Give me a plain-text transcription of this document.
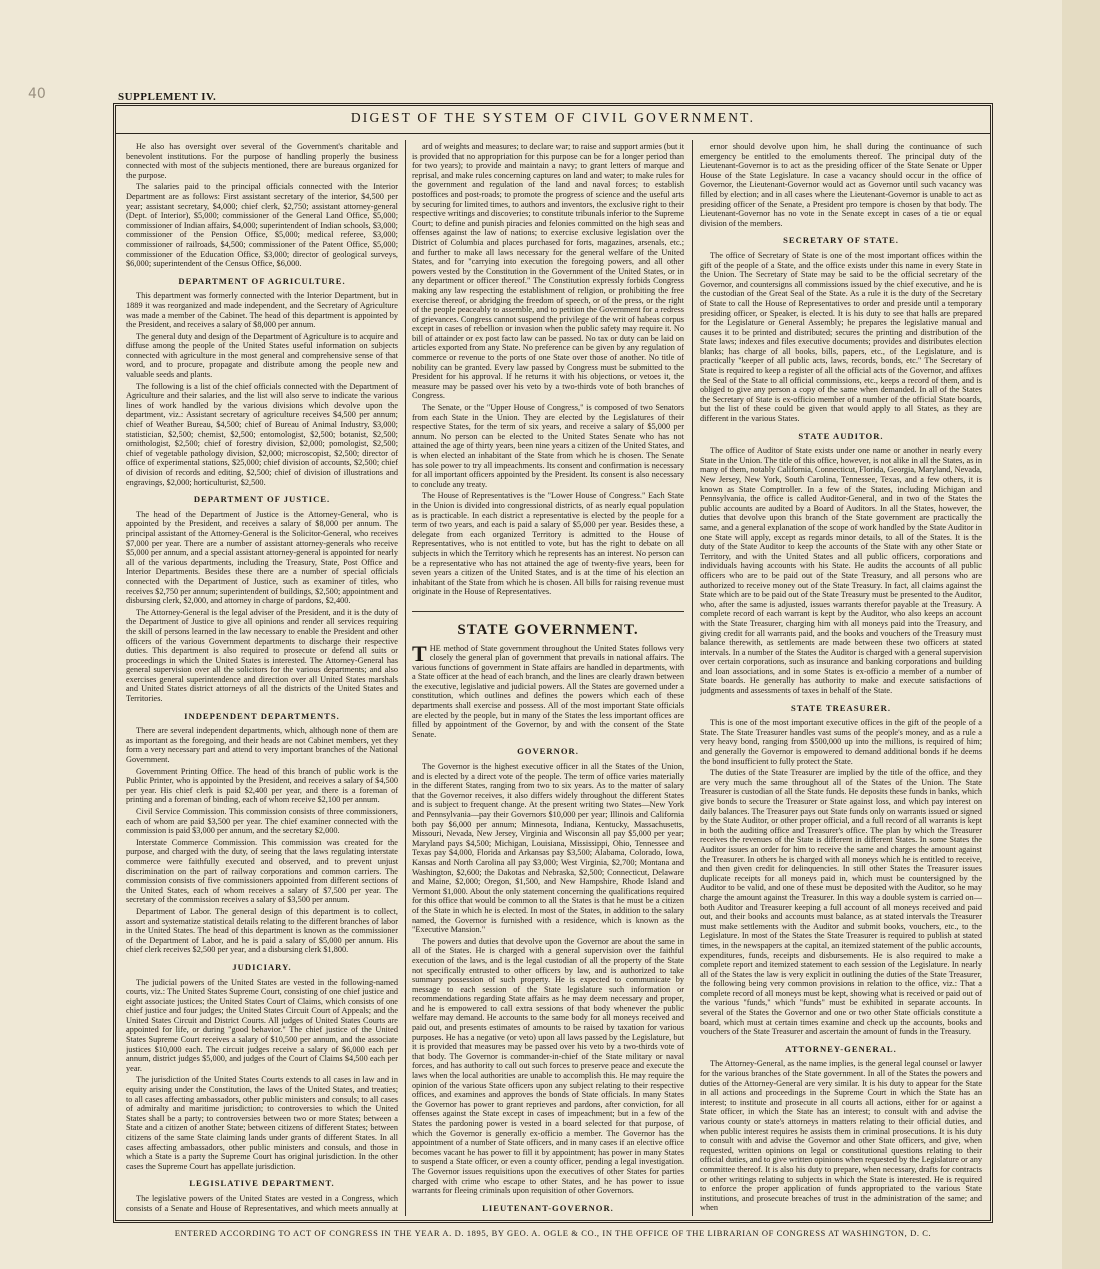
40	SUPPLEMENT IV.
DIGEST OF THE SYSTEM OF CIVIL GOVERNMENT.

He also has oversight over several of the Government's charitable and benevolent institutions. For the purpose of handling properly the business connected with most of the subjects mentioned, there are bureaus organized for the purpose.

The salaries paid to the principal officials connected with the Interior Department are as follows: First assistant secretary of the interior, $4,500 per year; assistant secretary, $4,000; chief clerk, $2,750; assistant attorney-general (Dept. of Interior), $5,000; commissioner of the General Land Office, $5,000; commissioner of Indian affairs, $4,000; superintendent of Indian schools, $3,000; commissioner of the Pension Office, $5,000; medical referee, $3,000; commissioner of railroads, $4,500; commissioner of the Patent Office, $5,000; commissioner of the Education Office, $3,000; director of geological surveys, $6,000; superintendent of the Census Office, $6,000.

DEPARTMENT OF AGRICULTURE.

This department was formerly connected with the Interior Department, but in 1889 it was reorganized and made independent, and the Secretary of Agriculture was made a member of the Cabinet. The head of this department is appointed by the President, and receives a salary of $8,000 per annum.

The general duty and design of the Department of Agriculture is to acquire and diffuse among the people of the United States useful information on subjects connected with agriculture in the most general and comprehensive sense of that word, and to procure, propagate and distribute among the people new and valuable seeds and plants.

The following is a list of the chief officials connected with the Department of Agriculture and their salaries, and the list will also serve to indicate the various lines of work handled by the various divisions which devolve upon the department, viz.: Assistant secretary of agriculture receives $4,500 per annum; chief of Weather Bureau, $4,500; chief of Bureau of Animal Industry, $3,000; statistician, $2,500; chemist, $2,500; entomologist, $2,500; botanist, $2,500; ornithologist, $2,500; chief of forestry division, $2,000; pomologist, $2,500; chief of vegetable pathology division, $2,000; microscopist, $2,500; director of office of experimental stations, $25,000; chief division of accounts, $2,500; chief of division of records and editing, $2,500; chief of division of illustrations and engravings, $2,000; horticulturist, $2,500.

DEPARTMENT OF JUSTICE.

The head of the Department of Justice is the Attorney-General, who is appointed by the President, and receives a salary of $8,000 per annum. The principal assistant of the Attorney-General is the Solicitor-General, who receives $7,000 per year. There are a number of assistant attorney-generals who receive $5,000 per annum, and a special assistant attorney-general is appointed for nearly all of the various departments, including the Treasury, State, Post Office and Interior Departments. Besides these there are a number of special officials connected with the Department of Justice, such as examiner of titles, who receives $2,750 per annum; superintendent of buildings, $2,500; appointment and disbursing clerk, $2,000, and attorney in charge of pardons, $2,400.

The Attorney-General is the legal adviser of the President, and it is the duty of the Department of Justice to give all opinions and render all services requiring the skill of persons learned in the law necessary to enable the President and other officers of the various Government departments to discharge their respective duties. This department is also required to prosecute or defend all suits or proceedings in which the United States is interested. The Attorney-General has general supervision over all the solicitors for the various departments; and also exercises general superintendence and direction over all United States marshals and United States district attorneys of all the districts of the United States and Territories.

INDEPENDENT DEPARTMENTS.

There are several independent departments, which, although none of them are as important as the foregoing, and their heads are not Cabinet members, yet they form a very necessary part and attend to very important branches of the National Government.

Government Printing Office. The head of this branch of public work is the Public Printer, who is appointed by the President, and receives a salary of $4,500 per year. His chief clerk is paid $2,400 per year, and there is a foreman of printing and a foreman of binding, each of whom receive $2,100 per annum.

Civil Service Commission. This commission consists of three commissioners, each of whom are paid $3,500 per year. The chief examiner connected with the commission is paid $3,000 per annum, and the secretary $2,000.

Interstate Commerce Commission. This commission was created for the purpose, and charged with the duty, of seeing that the laws regulating interstate commerce were faithfully executed and observed, and to prevent unjust discrimination on the part of railway corporations and common carriers. The commission consists of five commissioners appointed from different sections of the United States, each of whom receives a salary of $7,500 per year. The secretary of the commission receives a salary of $3,500 per annum.

Department of Labor. The general design of this department is to collect, assort and systematize statistical details relating to the different branches of labor in the United States. The head of this department is known as the commissioner of the Department of Labor, and he is paid a salary of $5,000 per annum. His chief clerk receives $2,500 per year, and a disbursing clerk $1,800.

JUDICIARY.

The judicial powers of the United States are vested in the following-named courts, viz.: The United States Supreme Court, consisting of one chief justice and eight associate justices; the United States Court of Claims, which consists of one chief justice and four judges; the United States Circuit Court of Appeals; and the United States Circuit and District Courts. All judges of United States Courts are appointed for life, or during "good behavior." The chief justice of the United States Supreme Court receives a salary of $10,500 per annum, and the associate justices $10,000 each. The circuit judges receive a salary of $6,000 each per annum, district judges $5,000, and judges of the Court of Claims $4,500 each per year.

The jurisdiction of the United States Courts extends to all cases in law and in equity arising under the Constitution, the laws of the United States, and treaties; to all cases affecting ambassadors, other public ministers and consuls; to all cases of admiralty and maritime jurisdiction; to controversies to which the United States shall be a party; to controversies between two or more States; between a State and a citizen of another State; between citizens of different States; between citizens of the same State claiming lands under grants of different States. In all cases affecting ambassadors, other public ministers and consuls, and those in which a State is a party the Supreme Court has original jurisdiction. In the other cases the Supreme Court has appellate jurisdiction.

LEGISLATIVE DEPARTMENT.

The legislative powers of the United States are vested in a Congress, which consists of a Senate and House of Representatives, and which meets annually at

ard of weights and measures; to declare war; to raise and support armies (but it is provided that no appropriation for this purpose can be for a longer period than for two years); to provide and maintain a navy; to grant letters of marque and reprisal, and make rules concerning captures on land and water; to make rules for the government and regulation of the land and naval forces; to establish postoffices and post-roads; to promote the progress of science and the useful arts by securing for limited times, to authors and inventors, the exclusive right to their respective writings and discoveries; to constitute tribunals inferior to the Supreme Court; to define and punish piracies and felonies committed on the high seas and offenses against the law of nations; to exercise exclusive legislation over the District of Columbia and places purchased for forts, magazines, arsenals, etc.; and further to make all laws necessary for the general welfare of the United States, and for "carrying into execution the foregoing powers, and all other powers vested by the Constitution in the Government of the United States, or in any department or officer thereof." The Constitution expressly forbids Congress making any law respecting the establishment of religion, or prohibiting the free exercise thereof, or abridging the freedom of speech, or of the press, or the right of the people peaceably to assemble, and to petition the Government for a redress of grievances. Congress cannot suspend the privilege of the writ of habeas corpus except in cases of rebellion or invasion when the public safety may require it. No bill of attainder or ex post facto law can be passed. No tax or duty can be laid on articles exported from any State. No preference can be given by any regulation of commerce or revenue to the ports of one State over those of another. No title of nobility can be granted. Every law passed by Congress must be submitted to the President for his approval. If he returns it with his objections, or vetoes it, the measure may be passed over his veto by a two-thirds vote of both branches of Congress.

The Senate, or the "Upper House of Congress," is composed of two Senators from each State in the Union. They are elected by the Legislatures of their respective States, for the term of six years, and receive a salary of $5,000 per annum. No person can be elected to the United States Senate who has not attained the age of thirty years, been nine years a citizen of the United States, and is when elected an inhabitant of the State from which he is chosen. The Senate has sole power to try all impeachments. Its consent and confirmation is necessary for all important officers appointed by the President. Its consent is also necessary to conclude any treaty.

The House of Representatives is the "Lower House of Congress." Each State in the Union is divided into congressional districts, of as nearly equal population as is practicable. In each district a representative is elected by the people for a term of two years, and each is paid a salary of $5,000 per year. Besides these, a delegate from each organized Territory is admitted to the House of Representatives, who is not entitled to vote, but has the right to debate on all subjects in which the Territory which he represents has an interest. No person can be a representative who has not attained the age of twenty-five years, been for seven years a citizen of the United States, and is at the time of his election an inhabitant of the State from which he is chosen. All bills for raising revenue must originate in the House of Representatives.

STATE GOVERNMENT.

THE method of State government throughout the United States follows very closely the general plan of government that prevails in national affairs. The various functions of government in State affairs are handled in departments, with a State officer at the head of each branch, and the lines are clearly drawn between the executive, legislative and judicial powers. All the States are governed under a constitution, which outlines and defines the powers which each of these departments shall exercise and possess. All of the most important State officials are elected by the people, but in many of the States the less important offices are filled by appointment of the Governor, by and with the consent of the State Senate.

GOVERNOR.

The Governor is the highest executive officer in all the States of the Union, and is elected by a direct vote of the people. The term of office varies materially in the different States, ranging from two to six years. As to the matter of salary that the Governor receives, it also differs widely throughout the different States and is subject to frequent change. At the present writing two States—New York and Pennsylvania—pay their Governors $10,000 per year; Illinois and California both pay $6,000 per annum; Minnesota, Indiana, Kentucky, Massachusetts, Missouri, Nevada, New Jersey, Virginia and Wisconsin all pay $5,000 per year; Maryland pays $4,500; Michigan, Louisiana, Mississippi, Ohio, Tennessee and Texas pay $4,000, Florida and Arkansas pay $3,500; Alabama, Colorado, Iowa, Kansas and North Carolina all pay $3,000; West Virginia, $2,700; Montana and Washington, $2,600; the Dakotas and Nebraska, $2,500; Connecticut, Delaware and Maine, $2,000; Oregon, $1,500, and New Hampshire, Rhode Island and Vermont $1,000. About the only statement concerning the qualifications required for this office that would be common to all the States is that he must be a citizen of the State in which he is elected. In most of the States, in addition to the salary named, the Governor is furnished with a residence, which is known as the "Executive Mansion."

The powers and duties that devolve upon the Governor are about the same in all of the States. He is charged with a general supervision over the faithful execution of the laws, and is the legal custodian of all the property of the State not specifically entrusted to other officers by law, and is authorized to take summary possession of such property. He is expected to communicate by message to each session of the State legislature such information or recommendations regarding State affairs as he may deem necessary and proper, and he is empowered to call extra sessions of that body whenever the public welfare may demand. He accounts to the same body for all moneys received and paid out, and presents estimates of amounts to be raised by taxation for various purposes. He has a negative (or veto) upon all laws passed by the Legislature, but it is provided that measures may be passed over his veto by a two-thirds vote of that body. The Governor is commander-in-chief of the State military or naval forces, and has authority to call out such forces to preserve peace and execute the laws when the local authorities are unable to accomplish this. He may require the opinion of the various State officers upon any subject relating to their respective offices, and examines and approves the bonds of State officials. In many States the Governor has power to grant reprieves and pardons, after conviction, for all offenses against the State except in cases of impeachment; but in a few of the States the pardoning power is vested in a board selected for that purpose, of which the Governor is generally ex-officio a member. The Governor has the appointment of a number of State officers, and in many cases if an elective office becomes vacant he has power to fill it by appointment; has power in many States to suspend a State officer, or even a county officer, pending a legal investigation. The Governor issues requisitions upon the executives of other States for parties charged with crime who escape to other States, and he has power to issue warrants for fleeing criminals upon requisition of other Governors.

LIEUTENANT-GOVERNOR.

ernor should devolve upon him, he shall during the continuance of such emergency be entitled to the emoluments thereof. The principal duty of the Lieutenant-Governor is to act as the presiding officer of the State Senate or Upper House of the State Legislature. In case a vacancy should occur in the office of Governor, the Lieutenant-Governor would act as Governor until such vacancy was filled by election; and in all cases where the Lieutenant-Governor is unable to act as presiding officer of the Senate, a President pro tempore is chosen by that body. The Lieutenant-Governor has no vote in the Senate except in cases of a tie or equal division of the members.

SECRETARY OF STATE.

The office of Secretary of State is one of the most important offices within the gift of the people of a State, and the office exists under this name in every State in the Union. The Secretary of State may be said to be the official secretary of the Governor, and countersigns all commissions issued by the chief executive, and he is the custodian of the Great Seal of the State. As a rule it is the duty of the Secretary of State to call the House of Representatives to order and preside until a temporary presiding officer, or Speaker, is elected. It is his duty to see that halls are prepared for the Legislature or General Assembly; he prepares the legislative manual and causes it to be printed and distributed; secures the printing and distribution of the State laws; indexes and files executive documents; provides and distributes election blanks; has charge of all books, bills, papers, etc., of the Legislature, and is practically "keeper of all public acts, laws, records, bonds, etc." The Secretary of State is required to keep a register of all the official acts of the Governor, and affixes the Seal of the State to all official commissions, etc., keeps a record of them, and is obliged to give any person a copy of the same when demanded. In all of the States the Secretary of State is ex-officio member of a number of the official State boards, but the list of these could be given that would apply to all States, as they are different in the various States.

STATE AUDITOR.

The office of Auditor of State exists under one name or another in nearly every State in the Union. The title of this office, however, is not alike in all the States, as in many of them, notably California, Connecticut, Florida, Georgia, Maryland, Nevada, New Jersey, New York, South Carolina, Tennessee, Texas, and a few others, it is known as State Comptroller. In a few of the States, including Michigan and Pennsylvania, the office is called Auditor-General, and in two of the States the public accounts are audited by a Board of Auditors. In all the States, however, the duties that devolve upon this branch of the State government are practically the same, and a general explanation of the scope of work handled by the State Auditor in one State will apply, except as regards minor details, to all of the States. It is the duty of the State Auditor to keep the accounts of the State with any other State or Territory, and with the United States and all public officers, corporations and individuals having accounts with his State. He audits the accounts of all public officers who are to be paid out of the State Treasury, and all persons who are authorized to receive money out of the State Treasury. In fact, all claims against the State which are to be paid out of the State Treasury must be presented to the Auditor, who, after the same is adjusted, issues warrants therefor payable at the Treasury. A complete record of each warrant is kept by the Auditor, who also keeps an account with the State Treasurer, charging him with all moneys paid into the Treasury, and giving credit for all warrants paid, and the books and vouchers of the Treasury must balance therewith, as settlements are made between these two officers at stated intervals. In a number of the States the Auditor is charged with a general supervision over certain corporations, such as insurance and banking corporations and building and loan associations, and in some States is ex-officio a member of a number of State boards. He generally has authority to make and execute satisfactions of judgments and assessments of taxes in behalf of the State.

STATE TREASURER.

This is one of the most important executive offices in the gift of the people of a State. The State Treasurer handles vast sums of the people's money, and as a rule a very heavy bond, ranging from $500,000 up into the millions, is required of him; and generally the Governor is empowered to demand additional bonds if he deems the bond insufficient to fully protect the State.

The duties of the State Treasurer are implied by the title of the office, and they are very much the same throughout all of the States of the Union. The State Treasurer is custodian of all the State funds. He deposits these funds in banks, which give bonds to secure the Treasurer or State against loss, and which pay interest on daily balances. The Treasurer pays out State funds only on warrants issued or signed by the State Auditor, or other proper official, and a full record of all warrants is kept in both the auditing office and Treasurer's office. The plan by which the Treasurer receives the revenues of the State is different in different States. In some States the Auditor issues an order for him to receive the same and charges the amount against the Treasurer. In others he is charged with all moneys which he is entitled to receive, and then given credit for delinquencies. In still other States the Treasurer issues duplicate receipts for all moneys paid in, which must be countersigned by the Auditor to be valid, and one of these must be deposited with the Auditor, so he may charge the amount against the Treasurer. In this way a double system is carried on—both Auditor and Treasurer keeping a full account of all moneys received and paid out, and their books and accounts must balance, as at stated intervals the Treasurer must make settlements with the Auditor and submit books, vouchers, etc., to the Legislature. In most of the States the State Treasurer is required to publish at stated times, in the newspapers at the capital, an itemized statement of the public accounts, expenditures, funds, receipts and disbursements. He is also required to make a complete report and itemized statement to each session of the Legislature. In nearly all of the States the law is very explicit in outlining the duties of the State Treasurer, the following being very common provisions in relation to the office, viz.: That a complete record of all moneys must be kept, showing what is received or paid out of the various "funds," which "funds" must be exhibited in separate accounts. In several of the States the Governor and one or two other State officials constitute a board, which must at certain times examine and check up the accounts, books and vouchers of the State Treasurer and ascertain the amount of funds in the Treasury.

ATTORNEY-GENERAL.

The Attorney-General, as the name implies, is the general legal counsel or lawyer for the various branches of the State government. In all of the States the powers and duties of the Attorney-General are very similar. It is his duty to appear for the State in all actions and proceedings in the Supreme Court in which the State has an interest; to institute and prosecute in all courts all actions, either for or against a State officer, in which the State has an interest; to consult with and advise the various county or state's attorneys in matters relating to their official duties, and when public interest requires he assists them in criminal prosecutions. It is his duty to consult with and advise the Governor and other State officers, and give, when requested, written opinions on legal or constitutional questions relating to their official duties, and to give written opinions when requested by the Legislature or any committee thereof. It is also his duty to prepare, when necessary, drafts for contracts or other writings relating to subjects in which the State is interested. He is required to enforce the proper application of funds appropriated to the various State institutions, and prosecute breaches of trust in the administration of the same; and when

ENTERED ACCORDING TO ACT OF CONGRESS IN THE YEAR A. D. 1895, BY GEO. A. OGLE & CO., IN THE OFFICE OF THE LIBRARIAN OF CONGRESS AT WASHINGTON, D. C.
